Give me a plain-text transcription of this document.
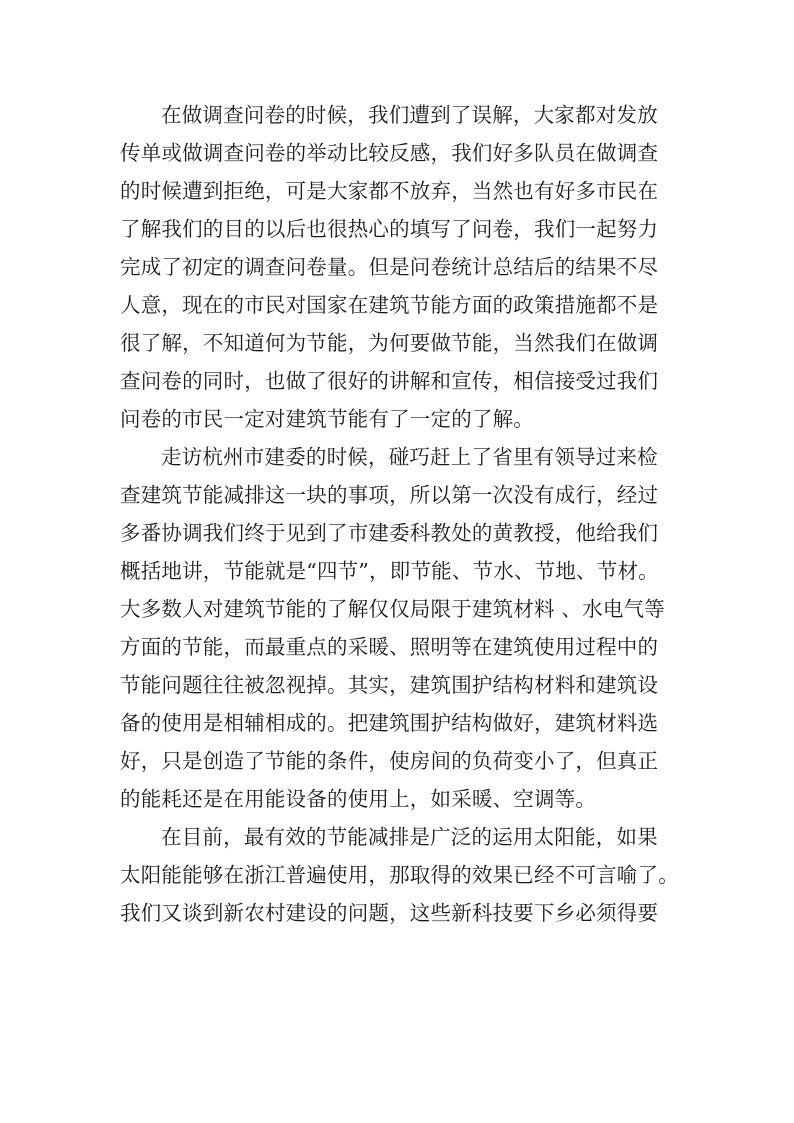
在做调查问卷的时候，我们遭到了误解，大家都对发放
传单或做调查问卷的举动比较反感，我们好多队员在做调查
的时候遭到拒绝，可是大家都不放弃，当然也有好多市民在
了解我们的目的以后也很热心的填写了问卷，我们一起努力
完成了初定的调查问卷量。但是问卷统计总结后的结果不尽
人意，现在的市民对国家在建筑节能方面的政策措施都不是
很了解，不知道何为节能，为何要做节能，当然我们在做调
查问卷的同时，也做了很好的讲解和宣传，相信接受过我们
问卷的市民一定对建筑节能有了一定的了解。
走访杭州市建委的时候，碰巧赶上了省里有领导过来检
查建筑节能减排这一块的事项，所以第一次没有成行，经过
多番协调我们终于见到了市建委科教处的黄教授，他给我们
概括地讲，节能就是“四节”，即节能、节水、节地、节材。
大多数人对建筑节能的了解仅仅局限于建筑材料 、水电气等
方面的节能，而最重点的采暖、照明等在建筑使用过程中的
节能问题往往被忽视掉。其实，建筑围护结构材料和建筑设
备的使用是相辅相成的。把建筑围护结构做好，建筑材料选
好，只是创造了节能的条件，使房间的负荷变小了，但真正
的能耗还是在用能设备的使用上，如采暖、空调等。
在目前，最有效的节能减排是广泛的运用太阳能，如果
太阳能能够在浙江普遍使用，那取得的效果已经不可言喻了。
我们又谈到新农村建设的问题，这些新科技要下乡必须得要
